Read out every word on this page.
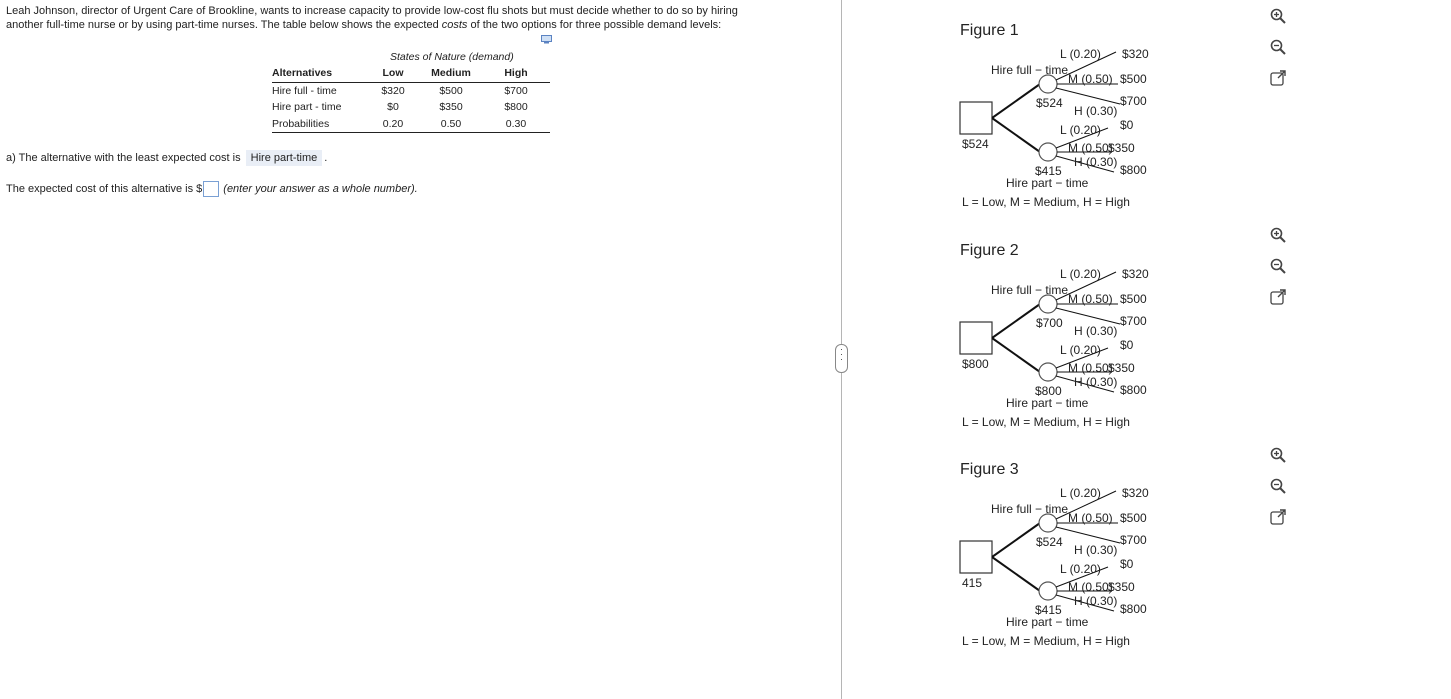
Leah Johnson, director of Urgent Care of Brookline, wants to increase capacity to provide low-cost flu shots but must decide whether to do so by hiring
another full-time nurse or by using part-time nurses. The table below shows the expected costs of the two options for three possible demand levels:
States of Nature (demand)
Alternatives	Low	Medium	High
Hire full - time	$320	$500	$700
Hire part - time	$0	$350	$800
Probabilities	0.20	0.50	0.30
a) The alternative with the least expected cost is Hire part-time .
The expected cost of this alternative is $ (enter your answer as a whole number).
Figure 1
L (0.20) $320
Hire full − time
M (0.50) $500
$700
$524
H (0.30)
$0
L (0.20)
$524	M (0.50)
$350
H (0.30)
$800
$415
Hire part − time
L = Low, M = Medium, H = High
Figure 2
L (0.20) $320
Hire full − time
M (0.50) $500
$700
$700
H (0.30)
$0
L (0.20)
$800	M (0.50)
$350
H (0.30)
$800
$800
Hire part − time
L = Low, M = Medium, H = High
Figure 3
L (0.20) $320
Hire full − time
M (0.50) $500
$700
$524
H (0.30)
$0
L (0.20)
415	M (0.50)
$350
H (0.30)
$800
$415
Hire part − time
L = Low, M = Medium, H = High
